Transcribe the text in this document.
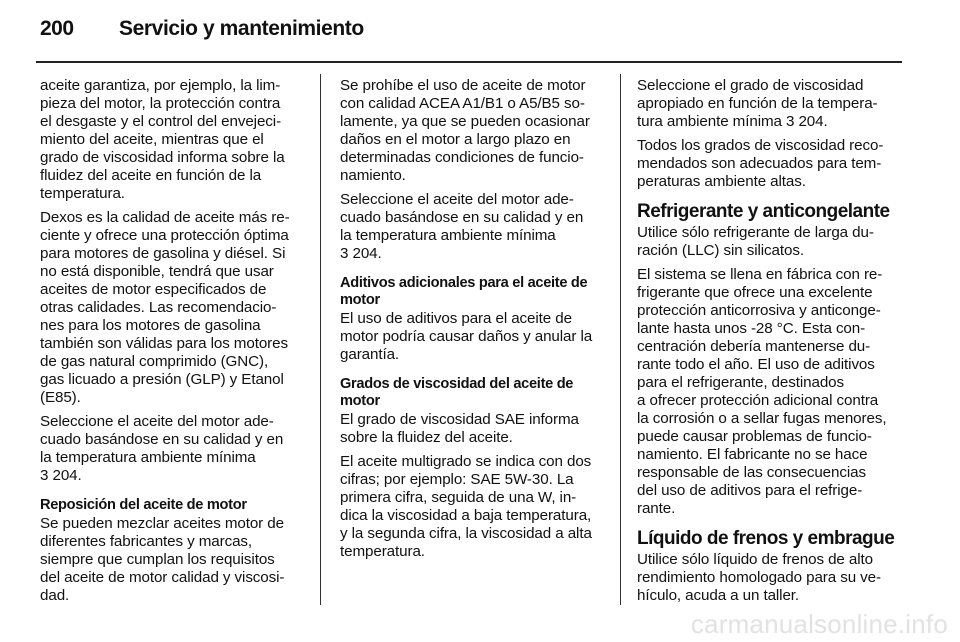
200 Servicio y mantenimiento

aceite garantiza, por ejemplo, la lim-
pieza del motor, la protección contra
el desgaste y el control del envejeci-
miento del aceite, mientras que el
grado de viscosidad informa sobre la
fluidez del aceite en función de la
temperatura.

Dexos es la calidad de aceite más re-
ciente y ofrece una protección óptima
para motores de gasolina y diésel. Si
no está disponible, tendrá que usar
aceites de motor especificados de
otras calidades. Las recomendacio-
nes para los motores de gasolina
también son válidas para los motores
de gas natural comprimido (GNC),
gas licuado a presión (GLP) y Etanol
(E85).

Seleccione el aceite del motor ade-
cuado basándose en su calidad y en
la temperatura ambiente mínima
3 204.

Reposición del aceite de motor

Se pueden mezclar aceites motor de
diferentes fabricantes y marcas,
siempre que cumplan los requisitos
del aceite de motor calidad y viscosi-
dad.

Se prohíbe el uso de aceite de motor
con calidad ACEA A1/B1 o A5/B5 so-
lamente, ya que se pueden ocasionar
daños en el motor a largo plazo en
determinadas condiciones de funcio-
namiento.

Seleccione el aceite del motor ade-
cuado basándose en su calidad y en
la temperatura ambiente mínima
3 204.

Aditivos adicionales para el aceite de
motor

El uso de aditivos para el aceite de
motor podría causar daños y anular la
garantía.

Grados de viscosidad del aceite de
motor

El grado de viscosidad SAE informa
sobre la fluidez del aceite.

El aceite multigrado se indica con dos
cifras; por ejemplo: SAE 5W-30. La
primera cifra, seguida de una W, in-
dica la viscosidad a baja temperatura,
y la segunda cifra, la viscosidad a alta
temperatura.

Seleccione el grado de viscosidad
apropiado en función de la tempera-
tura ambiente mínima 3 204.

Todos los grados de viscosidad reco-
mendados son adecuados para tem-
peraturas ambiente altas.

Refrigerante y anticongelante

Utilice sólo refrigerante de larga du-
ración (LLC) sin silicatos.

El sistema se llena en fábrica con re-
frigerante que ofrece una excelente
protección anticorrosiva y anticonge-
lante hasta unos -28 °C. Esta con-
centración debería mantenerse du-
rante todo el año. El uso de aditivos
para el refrigerante, destinados
a ofrecer protección adicional contra
la corrosión o a sellar fugas menores,
puede causar problemas de funcio-
namiento. El fabricante no se hace
responsable de las consecuencias
del uso de aditivos para el refrige-
rante.

Líquido de frenos y embrague

Utilice sólo líquido de frenos de alto
rendimiento homologado para su ve-
hículo, acuda a un taller.

carmanualsonline.info
